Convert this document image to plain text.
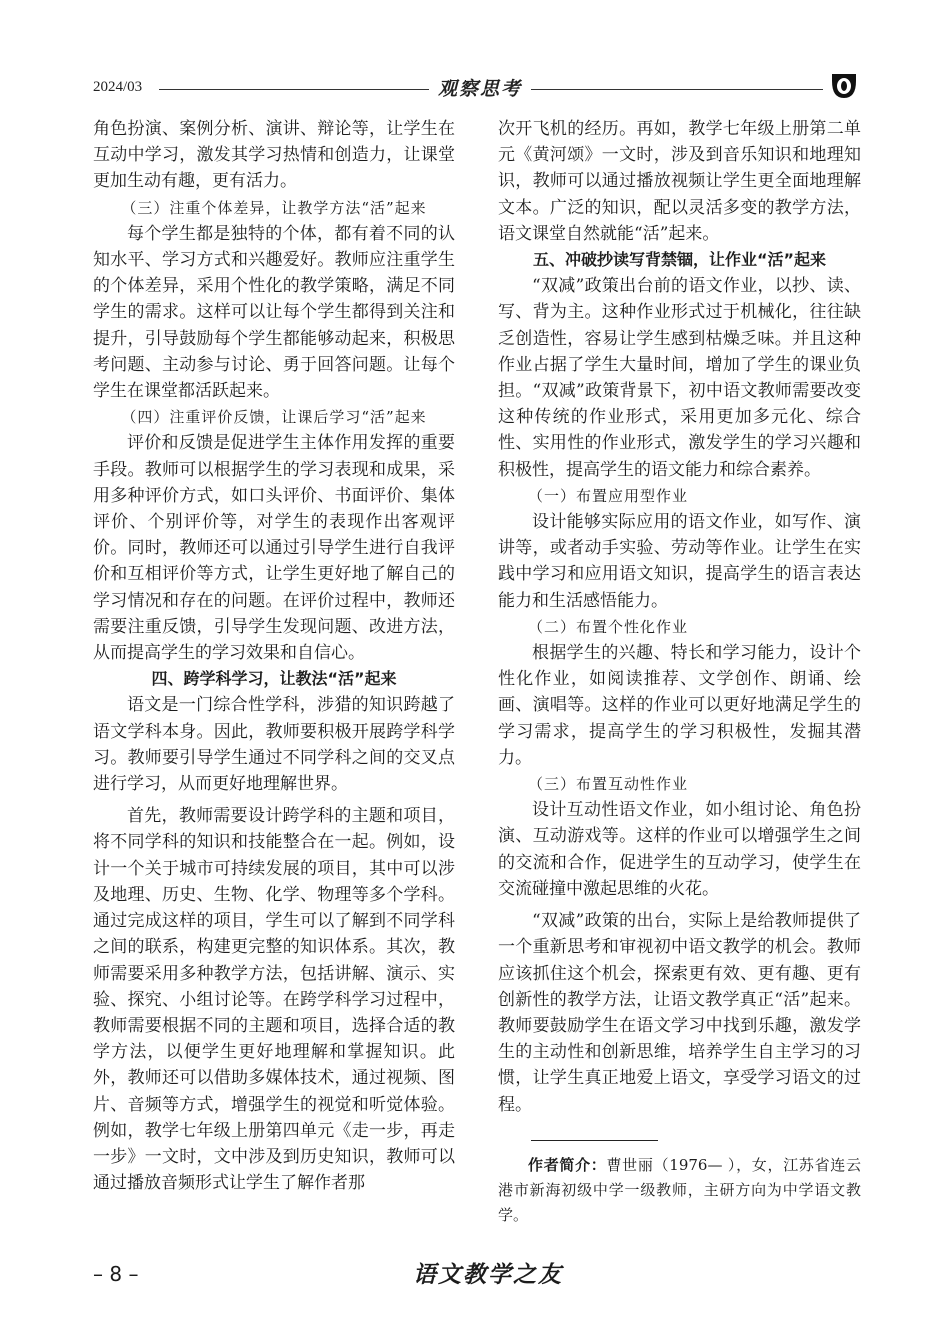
2024/03	观察思考

角色扮演、案例分析、演讲、辩论等，让学生在互动中学习，激发其学习热情和创造力，让课堂更加生动有趣，更有活力。

（三）注重个体差异，让教学方法“活”起来

每个学生都是独特的个体，都有着不同的认知水平、学习方式和兴趣爱好。教师应注重学生的个体差异，采用个性化的教学策略，满足不同学生的需求。这样可以让每个学生都得到关注和提升，引导鼓励每个学生都能够动起来，积极思考问题、主动参与讨论、勇于回答问题。让每个学生在课堂都活跃起来。

（四）注重评价反馈，让课后学习“活”起来

评价和反馈是促进学生主体作用发挥的重要手段。教师可以根据学生的学习表现和成果，采用多种评价方式，如口头评价、书面评价、集体评价、个别评价等，对学生的表现作出客观评价。同时，教师还可以通过引导学生进行自我评价和互相评价等方式，让学生更好地了解自己的学习情况和存在的问题。在评价过程中，教师还需要注重反馈，引导学生发现问题、改进方法，从而提高学生的学习效果和自信心。

四、跨学科学习，让教法“活”起来

语文是一门综合性学科，涉猎的知识跨越了语文学科本身。因此，教师要积极开展跨学科学习。教师要引导学生通过不同学科之间的交叉点进行学习，从而更好地理解世界。

首先，教师需要设计跨学科的主题和项目，将不同学科的知识和技能整合在一起。例如，设计一个关于城市可持续发展的项目，其中可以涉及地理、历史、生物、化学、物理等多个学科。通过完成这样的项目，学生可以了解到不同学科之间的联系，构建更完整的知识体系。其次，教师需要采用多种教学方法，包括讲解、演示、实验、探究、小组讨论等。在跨学科学习过程中，教师需要根据不同的主题和项目，选择合适的教学方法，以便学生更好地理解和掌握知识。此外，教师还可以借助多媒体技术，通过视频、图片、音频等方式，增强学生的视觉和听觉体验。例如，教学七年级上册第四单元《走一步，再走一步》一文时，文中涉及到历史知识，教师可以通过播放音频形式让学生了解作者那

次开飞机的经历。再如，教学七年级上册第二单元《黄河颂》一文时，涉及到音乐知识和地理知识，教师可以通过播放视频让学生更全面地理解文本。广泛的知识，配以灵活多变的教学方法，语文课堂自然就能“活”起来。

五、冲破抄读写背禁锢，让作业“活”起来

“双减”政策出台前的语文作业，以抄、读、写、背为主。这种作业形式过于机械化，往往缺乏创造性，容易让学生感到枯燥乏味。并且这种作业占据了学生大量时间，增加了学生的课业负担。“双减”政策背景下，初中语文教师需要改变这种传统的作业形式，采用更加多元化、综合性、实用性的作业形式，激发学生的学习兴趣和积极性，提高学生的语文能力和综合素养。

（一）布置应用型作业

设计能够实际应用的语文作业，如写作、演讲等，或者动手实验、劳动等作业。让学生在实践中学习和应用语文知识，提高学生的语言表达能力和生活感悟能力。

（二）布置个性化作业

根据学生的兴趣、特长和学习能力，设计个性化作业，如阅读推荐、文学创作、朗诵、绘画、演唱等。这样的作业可以更好地满足学生的学习需求，提高学生的学习积极性，发掘其潜力。

（三）布置互动性作业

设计互动性语文作业，如小组讨论、角色扮演、互动游戏等。这样的作业可以增强学生之间的交流和合作，促进学生的互动学习，使学生在交流碰撞中激起思维的火花。

“双减”政策的出台，实际上是给教师提供了一个重新思考和审视初中语文教学的机会。教师应该抓住这个机会，探索更有效、更有趣、更有创新性的教学方法，让语文教学真正“活”起来。教师要鼓励学生在语文学习中找到乐趣，激发学生的主动性和创新思维，培养学生自主学习的习惯，让学生真正地爱上语文，享受学习语文的过程。

作者简介：曹世丽（1976— ），女，江苏省连云港市新海初级中学一级教师，主研方向为中学语文教学。
– 8 –	语文教学之友
